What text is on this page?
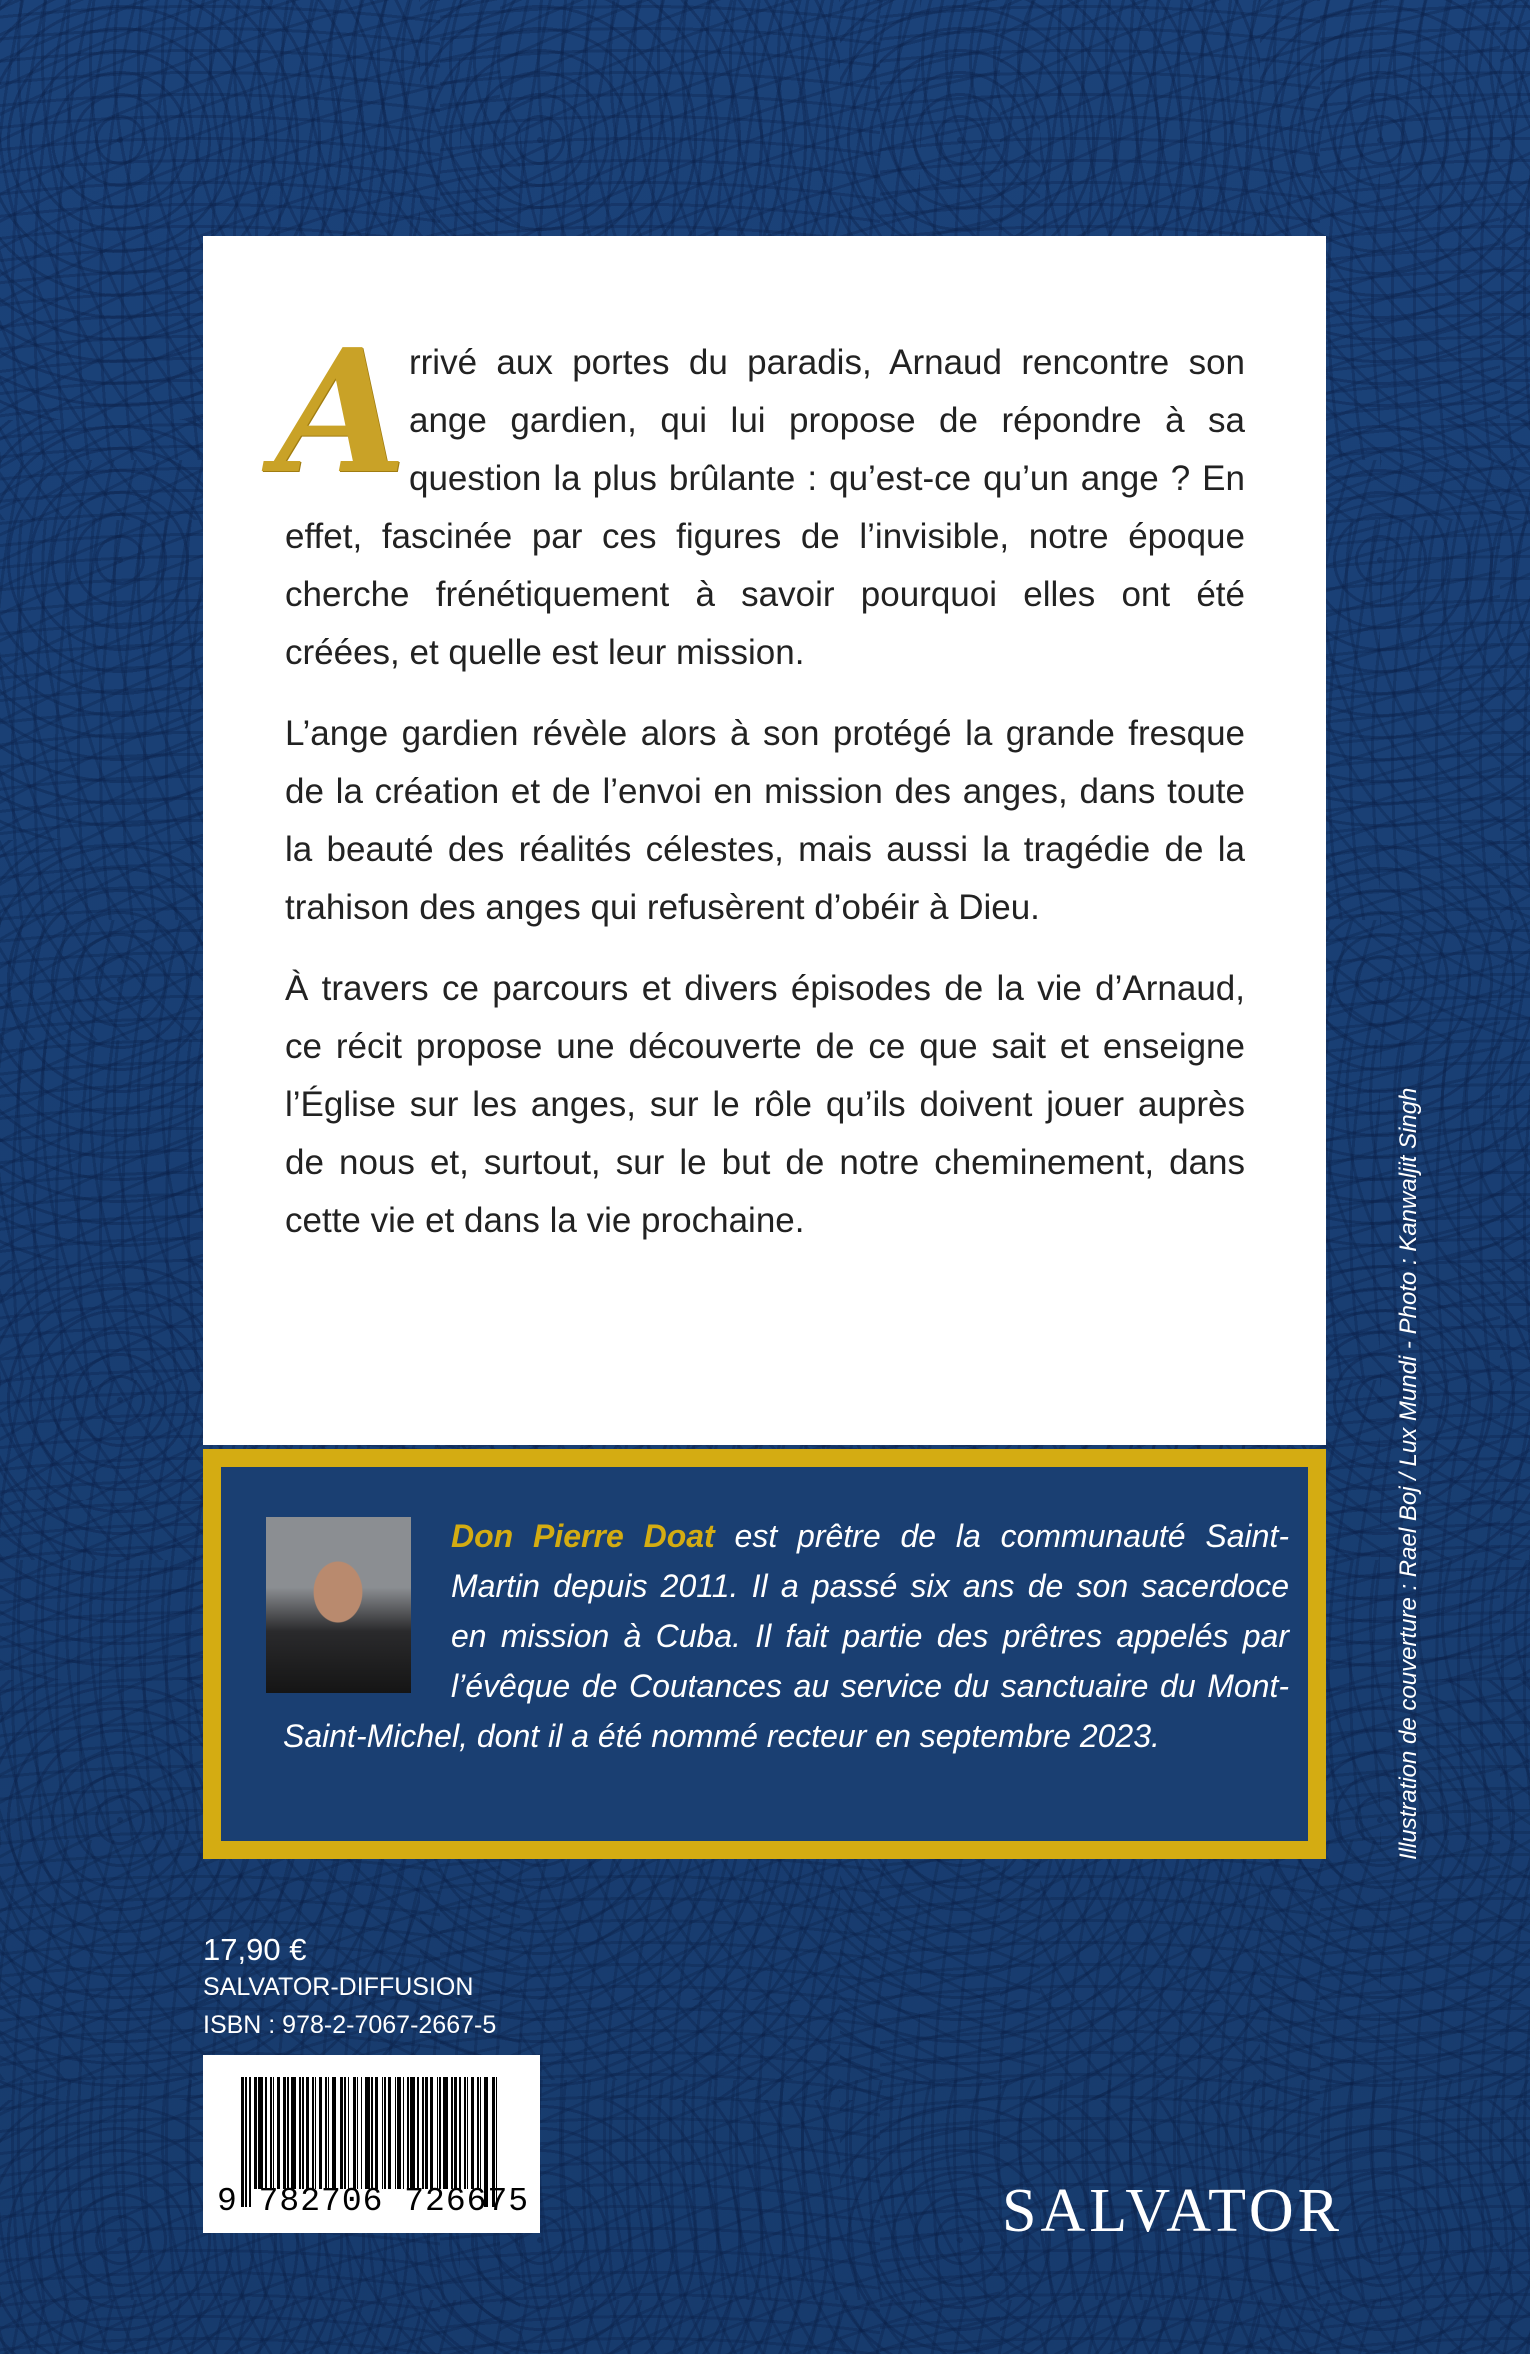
Arrivé aux portes du paradis, Arnaud rencontre son ange gardien, qui lui propose de répondre à sa question la plus brûlante : qu’est-ce qu’un ange ? En effet, fascinée par ces figures de l’invisible, notre époque cherche frénétiquement à savoir pourquoi elles ont été créées, et quelle est leur mission.

L’ange gardien révèle alors à son protégé la grande fresque de la création et de l’envoi en mission des anges, dans toute la beauté des réalités célestes, mais aussi la tragédie de la trahison des anges qui refusèrent d’obéir à Dieu.

À travers ce parcours et divers épisodes de la vie d’Arnaud, ce récit propose une découverte de ce que sait et enseigne l’Église sur les anges, sur le rôle qu’ils doivent jouer auprès de nous et, surtout, sur le but de notre cheminement, dans cette vie et dans la vie prochaine.

Don Pierre Doat est prêtre de la communauté Saint-Martin depuis 2011. Il a passé six ans de son sacerdoce en mission à Cuba. Il fait partie des prêtres appelés par l’évêque de Coutances au service du sanctuaire du Mont-Saint-Michel, dont il a été nommé recteur en septembre 2023.
17,90 €
SALVATOR-DIFFUSION
ISBN : 978-2-7067-2667-5
9 782706 726675	SALVATOR
Illustration de couverture : Rael Boj / Lux Mundi - Photo : Kanwaljit Singh
